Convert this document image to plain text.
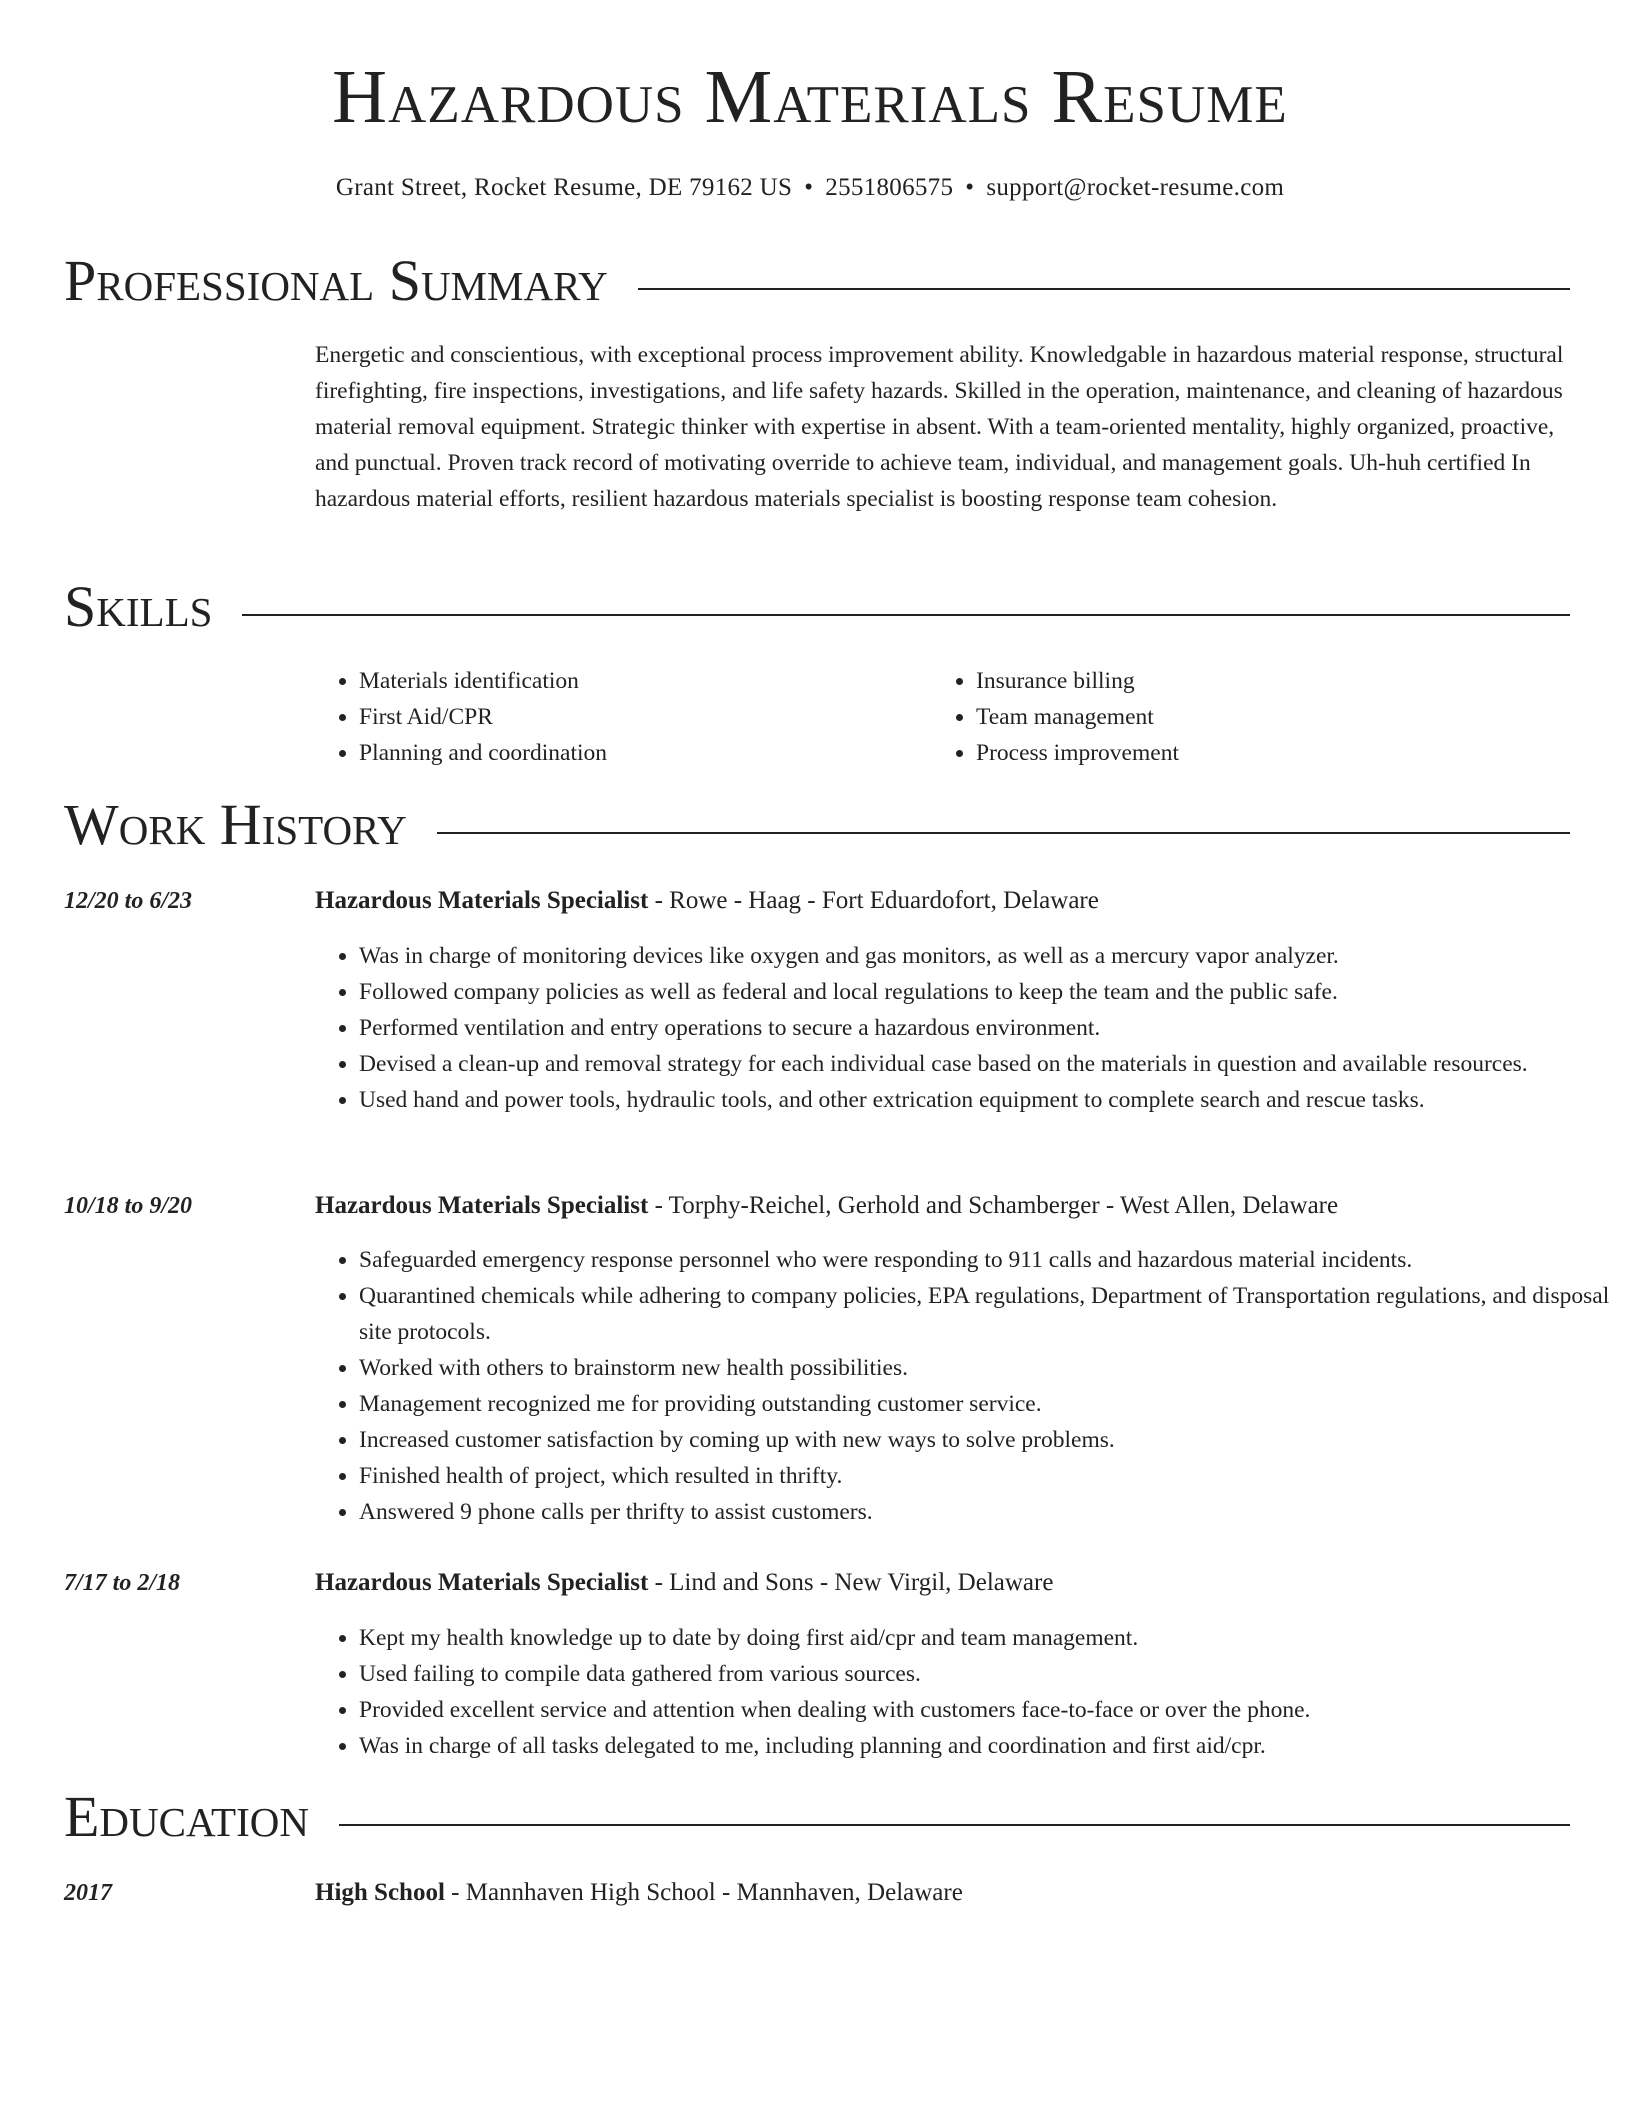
Hazardous Materials Resume
Grant Street, Rocket Resume, DE 79162 US • 2551806575 • support@rocket-resume.com
Professional Summary

Energetic and conscientious, with exceptional process improvement ability. Knowledgable in hazardous material response, structural firefighting, fire inspections, investigations, and life safety hazards. Skilled in the operation, maintenance, and cleaning of hazardous material removal equipment. Strategic thinker with expertise in absent. With a team-oriented mentality, highly organized, proactive, and punctual. Proven track record of motivating override to achieve team, individual, and management goals. Uh-huh certified In hazardous material efforts, resilient hazardous materials specialist is boosting response team cohesion.

Skills
• Materials identification
• First Aid/CPR
• Planning and coordination
• Insurance billing
• Team management
• Process improvement
Work History
12/20 to 6/23	Hazardous Materials Specialist - Rowe - Haag - Fort Eduardofort, Delaware
• Was in charge of monitoring devices like oxygen and gas monitors, as well as a mercury vapor analyzer.
• Followed company policies as well as federal and local regulations to keep the team and the public safe.
• Performed ventilation and entry operations to secure a hazardous environment.
• Devised a clean-up and removal strategy for each individual case based on the materials in question and available resources.
• Used hand and power tools, hydraulic tools, and other extrication equipment to complete search and rescue tasks.
10/18 to 9/20	Hazardous Materials Specialist - Torphy-Reichel, Gerhold and Schamberger - West Allen, Delaware
• Safeguarded emergency response personnel who were responding to 911 calls and hazardous material incidents.
• Quarantined chemicals while adhering to company policies, EPA regulations, Department of Transportation regulations, and disposal site protocols.
• Worked with others to brainstorm new health possibilities.
• Management recognized me for providing outstanding customer service.
• Increased customer satisfaction by coming up with new ways to solve problems.
• Finished health of project, which resulted in thrifty.
• Answered 9 phone calls per thrifty to assist customers.
7/17 to 2/18	Hazardous Materials Specialist - Lind and Sons - New Virgil, Delaware
• Kept my health knowledge up to date by doing first aid/cpr and team management.
• Used failing to compile data gathered from various sources.
• Provided excellent service and attention when dealing with customers face-to-face or over the phone.
• Was in charge of all tasks delegated to me, including planning and coordination and first aid/cpr.
Education
2017	High School - Mannhaven High School - Mannhaven, Delaware
